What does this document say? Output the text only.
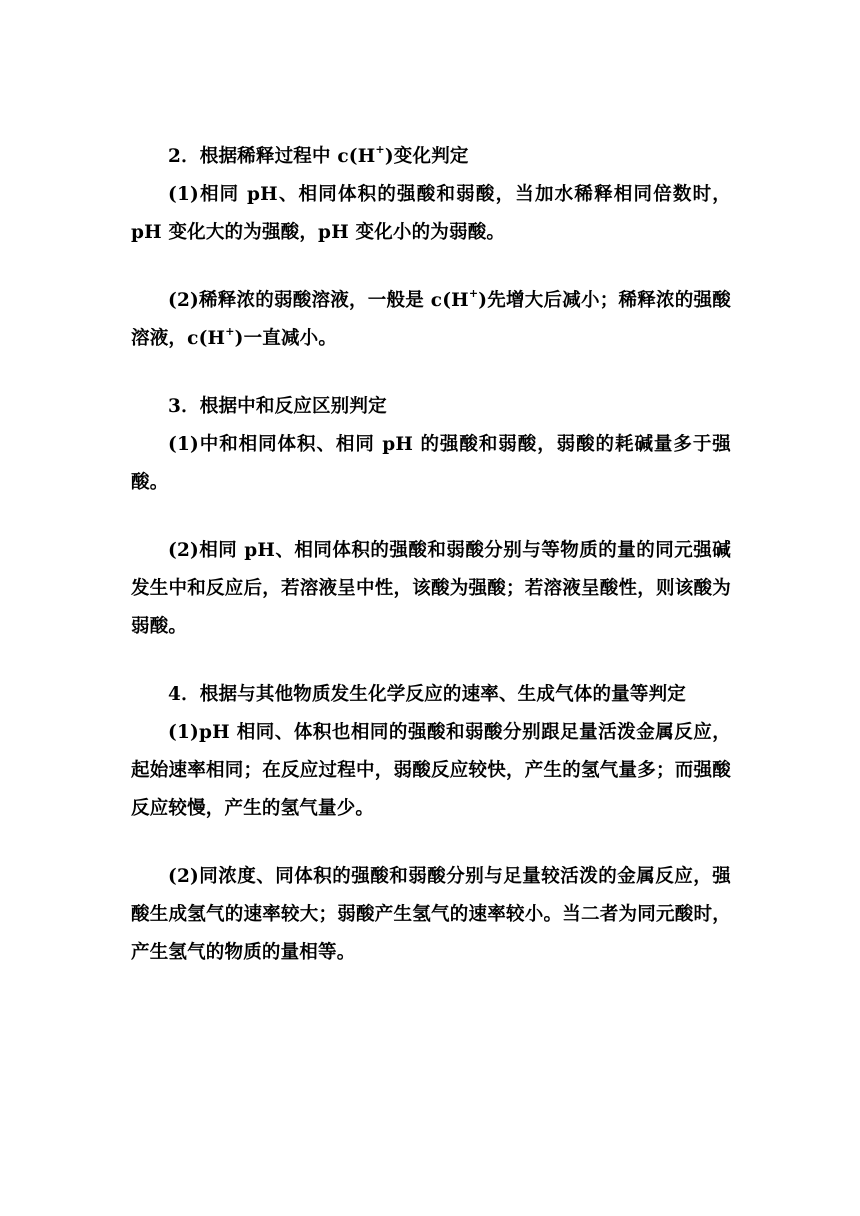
2．根据稀释过程中 c(H+)变化判定

(1)相同 pH、相同体积的强酸和弱酸，当加水稀释相同倍数时，pH 变化大的为强酸，pH 变化小的为弱酸。

(2)稀释浓的弱酸溶液，一般是 c(H+)先增大后减小；稀释浓的强酸溶液，c(H+)一直减小。

3．根据中和反应区别判定

(1)中和相同体积、相同 pH 的强酸和弱酸，弱酸的耗碱量多于强酸。

(2)相同 pH、相同体积的强酸和弱酸分别与等物质的量的同元强碱发生中和反应后，若溶液呈中性，该酸为强酸；若溶液呈酸性，则该酸为弱酸。

4．根据与其他物质发生化学反应的速率、生成气体的量等判定

(1)pH 相同、体积也相同的强酸和弱酸分别跟足量活泼金属反应，起始速率相同；在反应过程中，弱酸反应较快，产生的氢气量多；而强酸反应较慢，产生的氢气量少。

(2)同浓度、同体积的强酸和弱酸分别与足量较活泼的金属反应，强酸生成氢气的速率较大；弱酸产生氢气的速率较小。当二者为同元酸时，产生氢气的物质的量相等。
